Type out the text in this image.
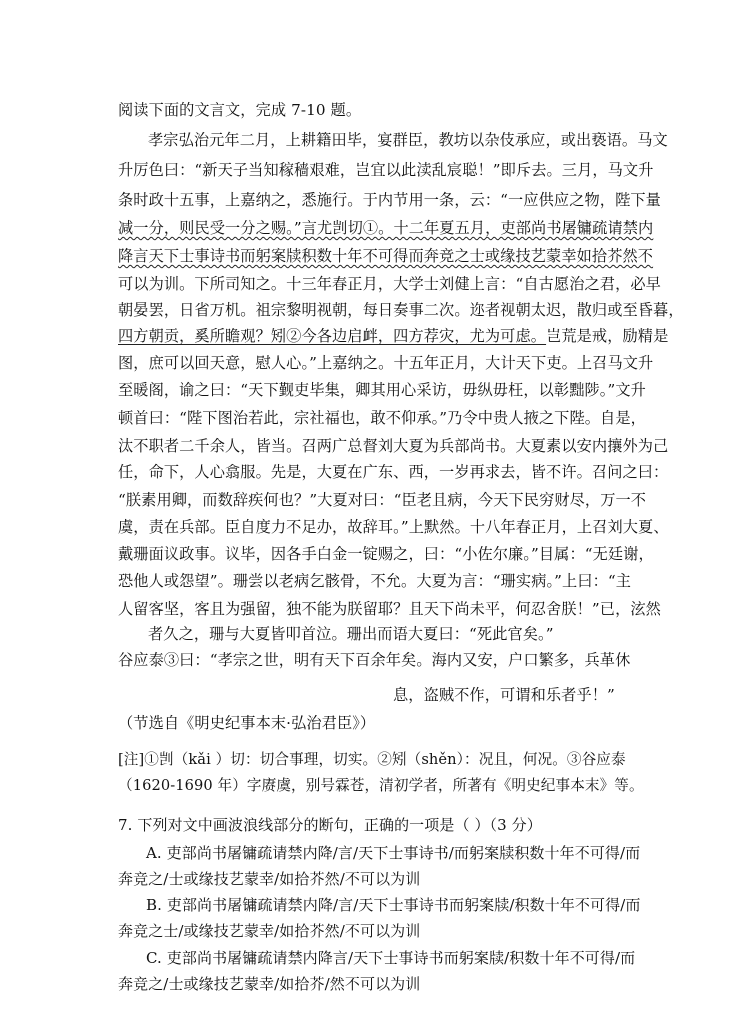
阅读下面的文言文，完成 7-10 题。
孝宗弘治元年二月，上耕籍田毕，宴群臣，教坊以杂伎承应，或出亵语。马文
升厉色曰：“新天子当知稼穑艰难，岂宜以此渎乱宸聪！”即斥去。三月，马文升
条时政十五事，上嘉纳之，悉施行。于内节用一条，云：“一应供应之物，陛下量
减一分，则民受一分之赐。”言尤剀切①。十二年夏五月，吏部尚书屠镛疏请禁内
降言天下士事诗书而躬案牍积数十年不可得而奔竞之士或缘技艺蒙幸如拾芥然不
可以为训。下所司知之。十三年春正月，大学士刘健上言：“自古愿治之君，必早
朝晏罢，日省万机。祖宗黎明视朝，每日奏事二次。迩者视朝太迟，散归或至昏暮，
四方朝贡，奚所瞻观？矧②今各边启衅，四方荐灾，尤为可虑。岂荒是戒，励精是
图，庶可以回天意，慰人心。”上嘉纳之。十五年正月，大计天下吏。上召马文升
至暖阁，谕之曰：“天下觐吏毕集，卿其用心采访，毋纵毋枉，以彰黜陟。”文升
顿首曰：“陛下图治若此，宗社福也，敢不仰承。”乃令中贵人掖之下陛。自是，
汰不职者二千余人，皆当。召两广总督刘大夏为兵部尚书。大夏素以安内攘外为己
任，命下，人心翕服。先是，大夏在广东、西，一岁再求去，皆不许。召问之曰：
“朕素用卿，而数辞疾何也？”大夏对曰：“臣老且病，今天下民穷财尽，万一不
虞，责在兵部。臣自度力不足办，故辞耳。”上默然。十八年春正月，上召刘大夏、
戴珊面议政事。议毕，因各手白金一锭赐之，曰：“小佐尔廉。”目属：“无廷谢，
恐他人或怨望”。珊尝以老病乞骸骨，不允。大夏为言：“珊实病。”上曰：“主
人留客坚，客且为强留，独不能为朕留耶？且天下尚未平，何忍舍朕！”已，泫然
者久之，珊与大夏皆叩首泣。珊出而语大夏曰：“死此官矣。”
谷应泰③曰：“孝宗之世，明有天下百余年矣。海内又安，户口繁多，兵革休
息，盗贼不作，可谓和乐者乎！”
（节选自《明史纪事本末·弘治君臣》）
[注]①剀（kǎi ）切：切合事理，切实。②矧（shěn）：况且，何况。③谷应泰
（1620-1690 年）字赓虞，别号霖苍，清初学者，所著有《明史纪事本末》等。
7. 下列对文中画波浪线部分的断句，正确的一项是（ ）（3 分）
A. 吏部尚书屠镛疏请禁内降/言/天下士事诗书/而躬案牍积数十年不可得/而
奔竞之/士或缘技艺蒙幸/如拾芥然/不可以为训
B. 吏部尚书屠镛疏请禁内降/言/天下士事诗书而躬案牍/积数十年不可得/而
奔竞之士/或缘技艺蒙幸/如拾芥然/不可以为训
C. 吏部尚书屠镛疏请禁内降言/天下士事诗书而躬案牍/积数十年不可得/而
奔竞之/士或缘技艺蒙幸/如拾芥/然不可以为训
